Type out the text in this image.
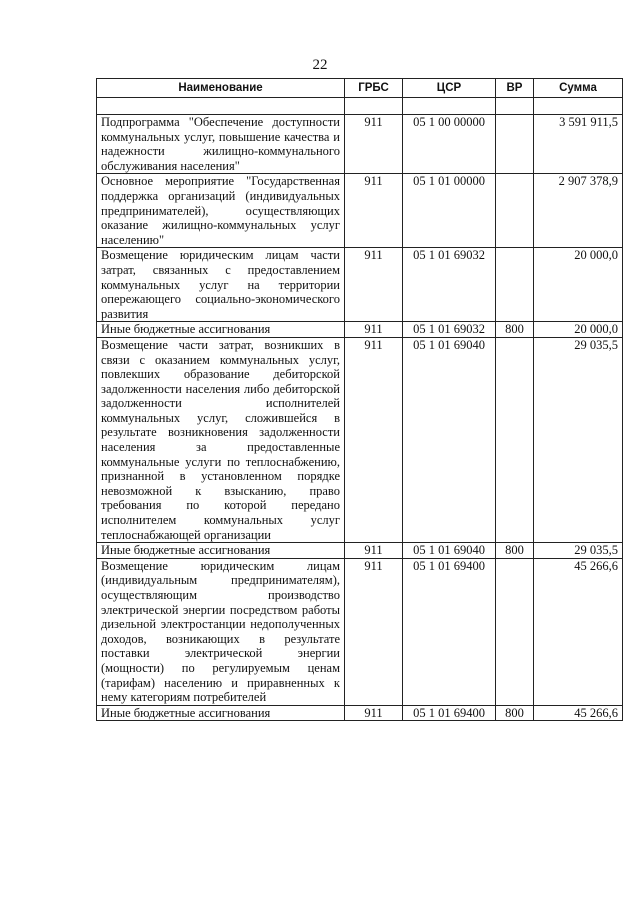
22
Наименование	ГРБС	ЦСР	ВР	Сумма

Подпрограмма "Обеспечение доступности коммунальных услуг, повышение качества и надежности жилищно-коммунального обслуживания населения"	911	05 1 00 00000		3 591 911,5
Основное мероприятие "Государственная поддержка организаций (индивидуальных предпринимателей), осуществляющих оказание жилищно-коммунальных услуг населению"	911	05 1 01 00000		2 907 378,9
Возмещение юридическим лицам части затрат, связанных с предоставлением коммунальных услуг на территории опережающего социально-экономического развития	911	05 1 01 69032		20 000,0
Иные бюджетные ассигнования	911	05 1 01 69032	800	20 000,0
Возмещение части затрат, возникших в связи с оказанием коммунальных услуг, повлекших образование дебиторской задолженности населения либо дебиторской задолженности исполнителей коммунальных услуг, сложившейся в результате возникновения задолженности населения за предоставленные коммунальные услуги по теплоснабжению, признанной в установленном порядке невозможной к взысканию, право требования по которой передано исполнителем коммунальных услуг теплоснабжающей организации	911	05 1 01 69040		29 035,5
Иные бюджетные ассигнования	911	05 1 01 69040	800	29 035,5
Возмещение юридическим лицам (индивидуальным предпринимателям), осуществляющим производство электрической энергии посредством работы дизельной электростанции недополученных доходов, возникающих в результате поставки электрической энергии (мощности) по регулируемым ценам (тарифам) населению и приравненных к нему категориям потребителей	911	05 1 01 69400		45 266,6
Иные бюджетные ассигнования	911	05 1 01 69400	800	45 266,6
